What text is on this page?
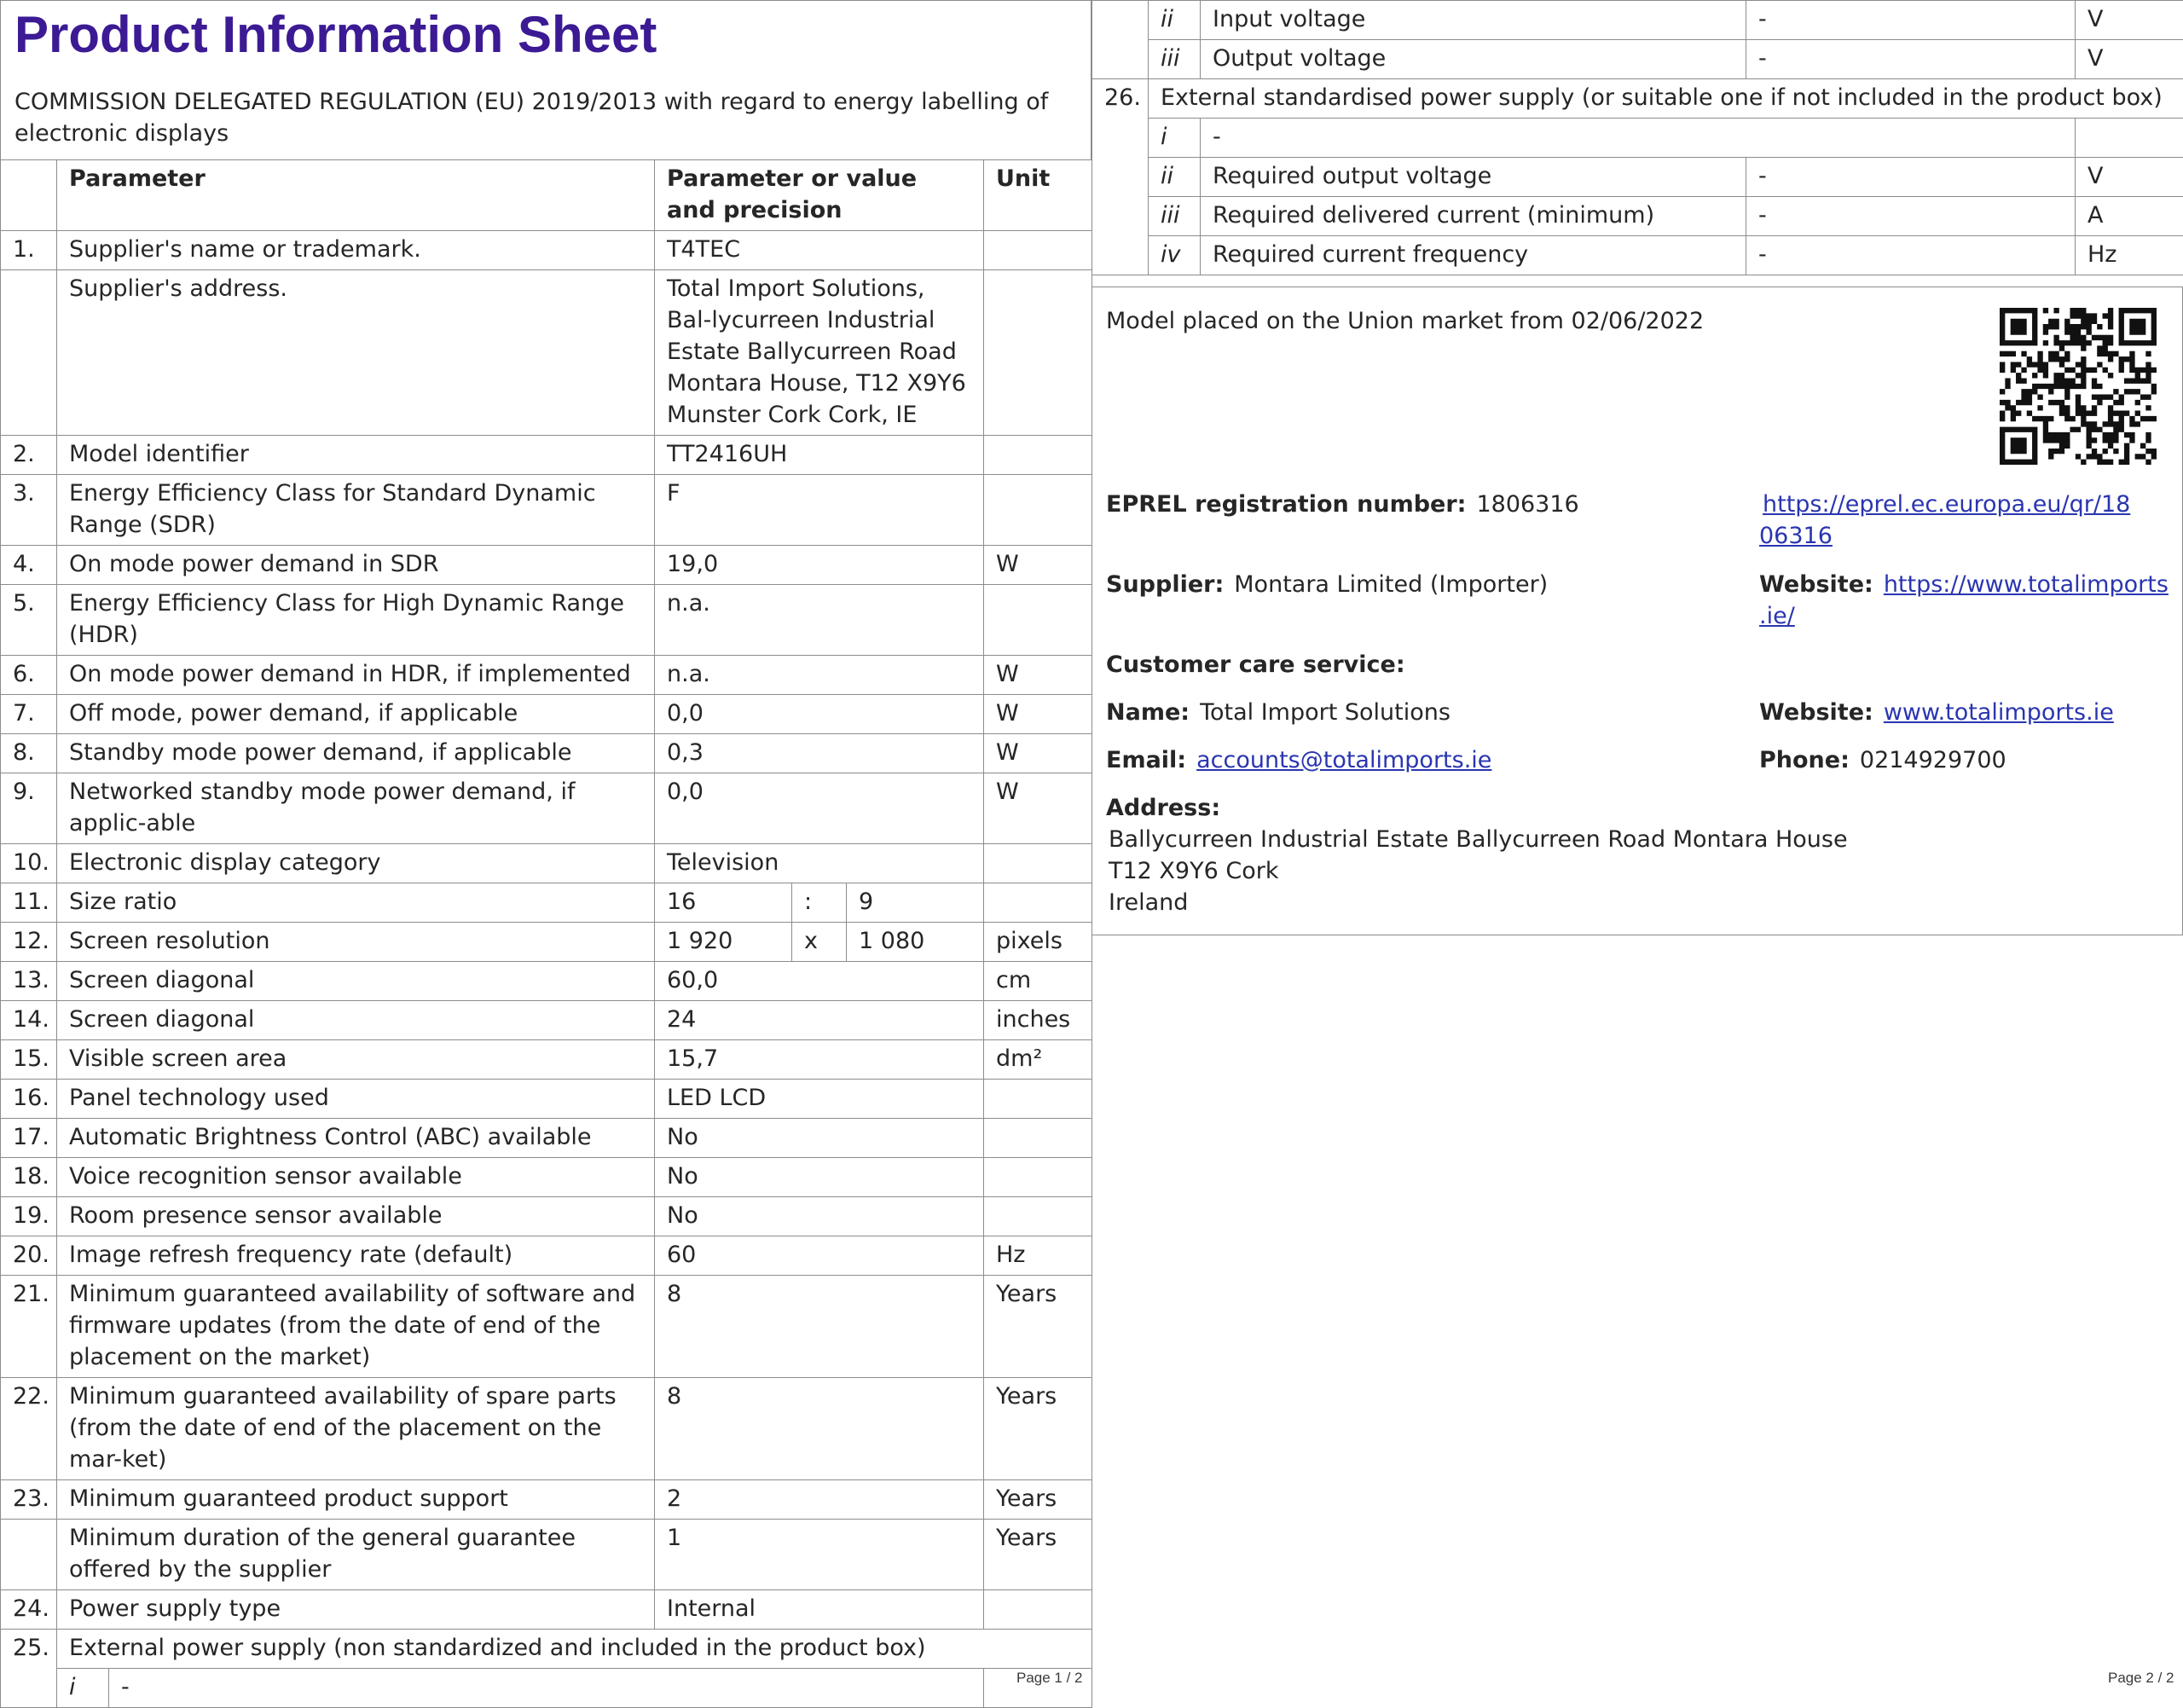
Product Information Sheet

COMMISSION DELEGATED REGULATION (EU) 2019/2013 with regard to energy labelling of electronic displays

	Parameter		Parameter or value and precision			Unit
1.	Supplier's name or trademark.		T4TEC			
	Supplier's address.		Total Import Solutions, Bal-lycurreen Industrial Estate Ballycurreen Road Montara House, T12 X9Y6 Munster Cork Cork, IE			
2.	Model identifier		TT2416UH			
3.	Energy Efficiency Class for Standard Dynamic Range (SDR)		F			
4.	On mode power demand in SDR		19,0			W
5.	Energy Efficiency Class for High Dynamic Range (HDR)		n.a.			
6.	On mode power demand in HDR, if implemented		n.a.			W
7.	Off mode, power demand, if applicable		0,0			W
8.	Standby mode power demand, if applicable		0,3			W
9.	Networked standby mode power demand, if applic-able		0,0			W
10.	Electronic display category		Television			
11.	Size ratio		16	:	9	
12.	Screen resolution		1 920	x	1 080	pixels
13.	Screen diagonal		60,0			cm
14.	Screen diagonal		24			inches
15.	Visible screen area		15,7			dm²
16.	Panel technology used		LED LCD			
17.	Automatic Brightness Control (ABC) available		No			
18.	Voice recognition sensor available		No			
19.	Room presence sensor available		No			
20.	Image refresh frequency rate (default)		60			Hz
21.	Minimum guaranteed availability of software and firmware updates (from the date of end of the placement on the market)		8			Years
22.	Minimum guaranteed availability of spare parts (from the date of end of the placement on the mar-ket)		8			Years
23.	Minimum guaranteed product support		2			Years
	Minimum duration of the general guarantee offered by the supplier		1			Years
24.	Power supply type		Internal			
25.	External power supply (non standardized and included in the product box)					
	i	-					Page 1 / 2
	ii	Input voltage	-	V
	iii	Output voltage	-	V
26.	External standardised power supply (or suitable one if not included in the product box)			
	i	-		
	ii	Required output voltage	-	V
	iii	Required delivered current (minimum)	-	A
	iv	Required current frequency	-	Hz
Model placed on the Union market from 02/06/2022
EPREL registration number: 1806316	https://eprel.ec.europa.eu/qr/18
06316
Supplier: Montara Limited (Importer)	Website: https://www.totalimports
.ie/
Customer care service:
Name: Total Import Solutions	Website: www.totalimports.ie
Email: accounts@totalimports.ie	Phone: 0214929700
Address:
Ballycurreen Industrial Estate Ballycurreen Road Montara House
T12 X9Y6 Cork
Ireland
Page 2 / 2
